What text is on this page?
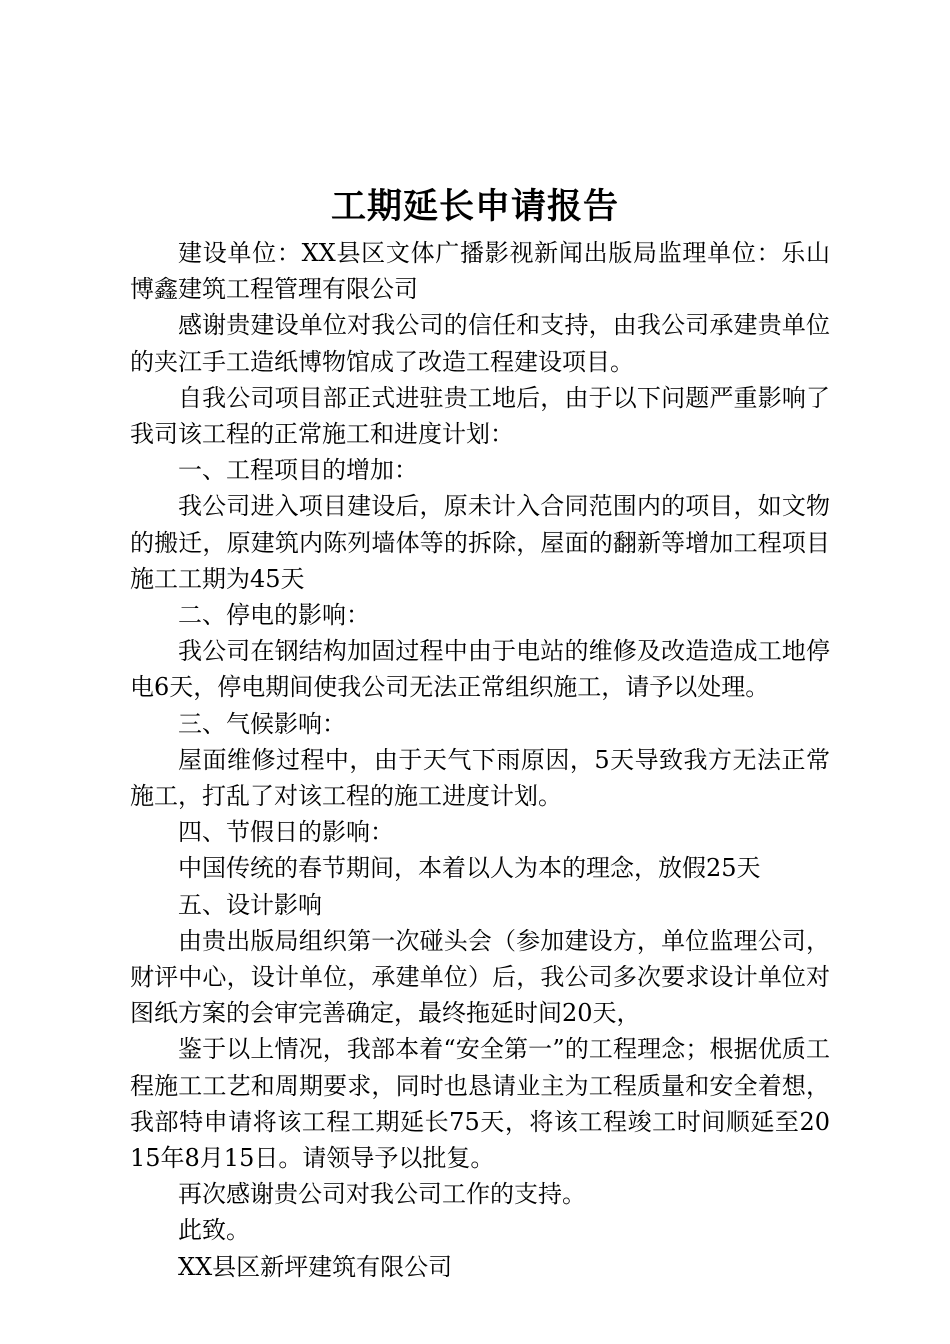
工期延长申请报告

建设单位：XX县区文体广播影视新闻出版局监理单位：乐山博鑫建筑工程管理有限公司

感谢贵建设单位对我公司的信任和支持，由我公司承建贵单位的夹江手工造纸博物馆成了改造工程建设项目。

自我公司项目部正式进驻贵工地后，由于以下问题严重影响了我司该工程的正常施工和进度计划：

一、工程项目的增加：

我公司进入项目建设后，原未计入合同范围内的项目，如文物的搬迁，原建筑内陈列墙体等的拆除，屋面的翻新等增加工程项目施工工期为45天

二、停电的影响：

我公司在钢结构加固过程中由于电站的维修及改造造成工地停电6天，停电期间使我公司无法正常组织施工，请予以处理。

三、气候影响：

屋面维修过程中，由于天气下雨原因，5天导致我方无法正常施工，打乱了对该工程的施工进度计划。

四、节假日的影响：

中国传统的春节期间，本着以人为本的理念，放假25天

五、设计影响

由贵出版局组织第一次碰头会（参加建设方，单位监理公司，财评中心，设计单位，承建单位）后，我公司多次要求设计单位对图纸方案的会审完善确定，最终拖延时间20天，

鉴于以上情况，我部本着“安全第一”的工程理念；根据优质工程施工工艺和周期要求，同时也恳请业主为工程质量和安全着想，我部特申请将该工程工期延长75天，将该工程竣工时间顺延至2015年8月15日。请领导予以批复。

再次感谢贵公司对我公司工作的支持。

此致。

XX县区新坪建筑有限公司
